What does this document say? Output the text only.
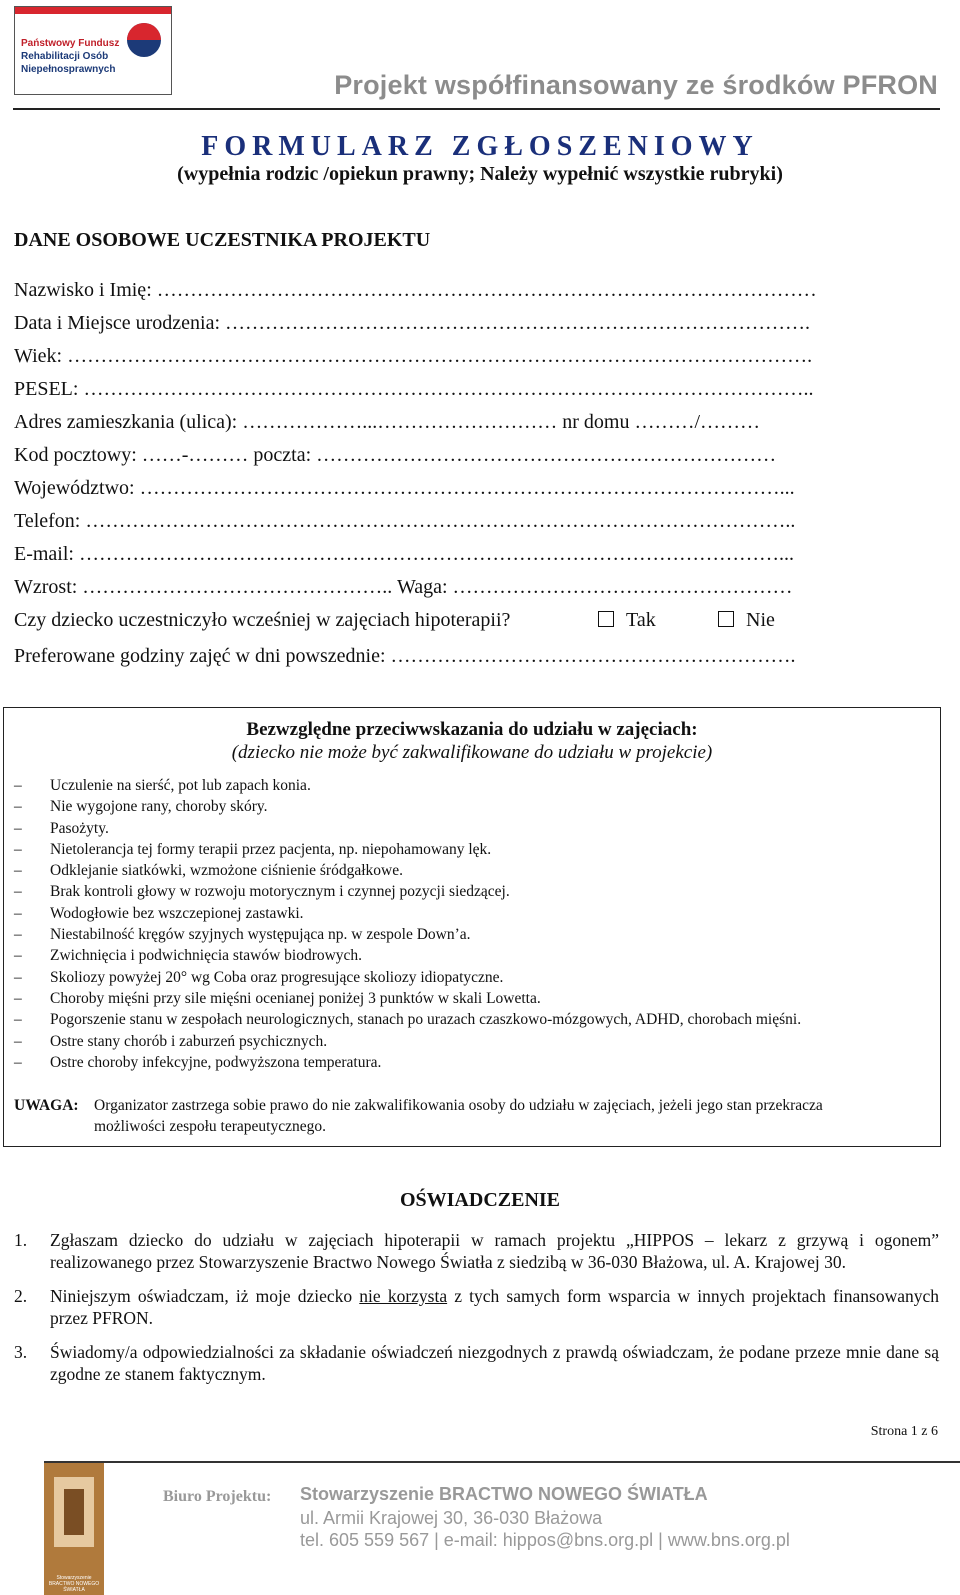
Państwowy Fundusz
Rehabilitacji Osób
Niepełnosprawnych
Projekt współfinansowany ze środków PFRON
FORMULARZ ZGŁOSZENIOWY
(wypełnia rodzic /opiekun prawny; Należy wypełnić wszystkie rubryki)
DANE OSOBOWE UCZESTNIKA PROJEKTU
Nazwisko i Imię: ………………………………………………………………………………………
Data i Miejsce urodzenia: …………………………………………………………………………….
Wiek: ………………………………………………………………………………………………….
PESEL: ………………………………………………………………………………………………..
Adres zamieszkania (ulica): ………………...……………………… nr domu ………/………
Kod pocztowy: ……-……… poczta: ……………………………………………………………
Województwo: ……………………………………………………………………………………...
Telefon: ……………………………………………………………………………………………..
E-mail: ……………………………………………………………………………………………...
Wzrost: ……………………………………….. Waga: ……………………………………………
Czy dziecko uczestniczyło wcześniej w zajęciach hipoterapii?	Tak	Nie
Preferowane godziny zajęć w dni powszednie: …………………………………………………….
Bezwzględne przeciwwskazania do udziału w zajęciach:
(dziecko nie może być zakwalifikowane do udziału w projekcie)
– Uczulenie na sierść, pot lub zapach konia.
– Nie wygojone rany, choroby skóry.
– Pasożyty.
– Nietolerancja tej formy terapii przez pacjenta, np. niepohamowany lęk.
– Odklejanie siatkówki, wzmożone ciśnienie śródgałkowe.
– Brak kontroli głowy w rozwoju motorycznym i czynnej pozycji siedzącej.
– Wodogłowie bez wszczepionej zastawki.
– Niestabilność kręgów szyjnych występująca np. w zespole Down’a.
– Zwichnięcia i podwichnięcia stawów biodrowych.
– Skoliozy powyżej 20° wg Coba oraz progresujące skoliozy idiopatyczne.
– Choroby mięśni przy sile mięśni ocenianej poniżej 3 punktów w skali Lowetta.
– Pogorszenie stanu w zespołach neurologicznych, stanach po urazach czaszkowo-mózgowych, ADHD, chorobach mięśni.
– Ostre stany chorób i zaburzeń psychicznych.
– Ostre choroby infekcyjne, podwyższona temperatura.
UWAGA: Organizator zastrzega sobie prawo do nie zakwalifikowania osoby do udziału w zajęciach, jeżeli jego stan przekracza
możliwości zespołu terapeutycznego.
OŚWIADCZENIE
1. Zgłaszam dziecko do udziału w zajęciach hipoterapii w ramach projektu „HIPPOS – lekarz z grzywą i ogonem” realizowanego przez Stowarzyszenie Bractwo Nowego Światła z siedzibą w 36-030 Błażowa, ul. A. Krajowej 30.
2. Niniejszym oświadczam, iż moje dziecko nie korzysta z tych samych form wsparcia w innych projektach finansowanych przez PFRON.
3. Świadomy/a odpowiedzialności za składanie oświadczeń niezgodnych z prawdą oświadczam, że podane przeze mnie dane są zgodne ze stanem faktycznym.
Strona 1 z 6
Stowarzyszenie BRACTWO NOWEGO ŚWIATŁA
Biuro Projektu: Stowarzyszenie BRACTWO NOWEGO ŚWIATŁA
ul. Armii Krajowej 30, 36-030 Błażowa
tel. 605 559 567 | e-mail: hippos@bns.org.pl | www.bns.org.pl
